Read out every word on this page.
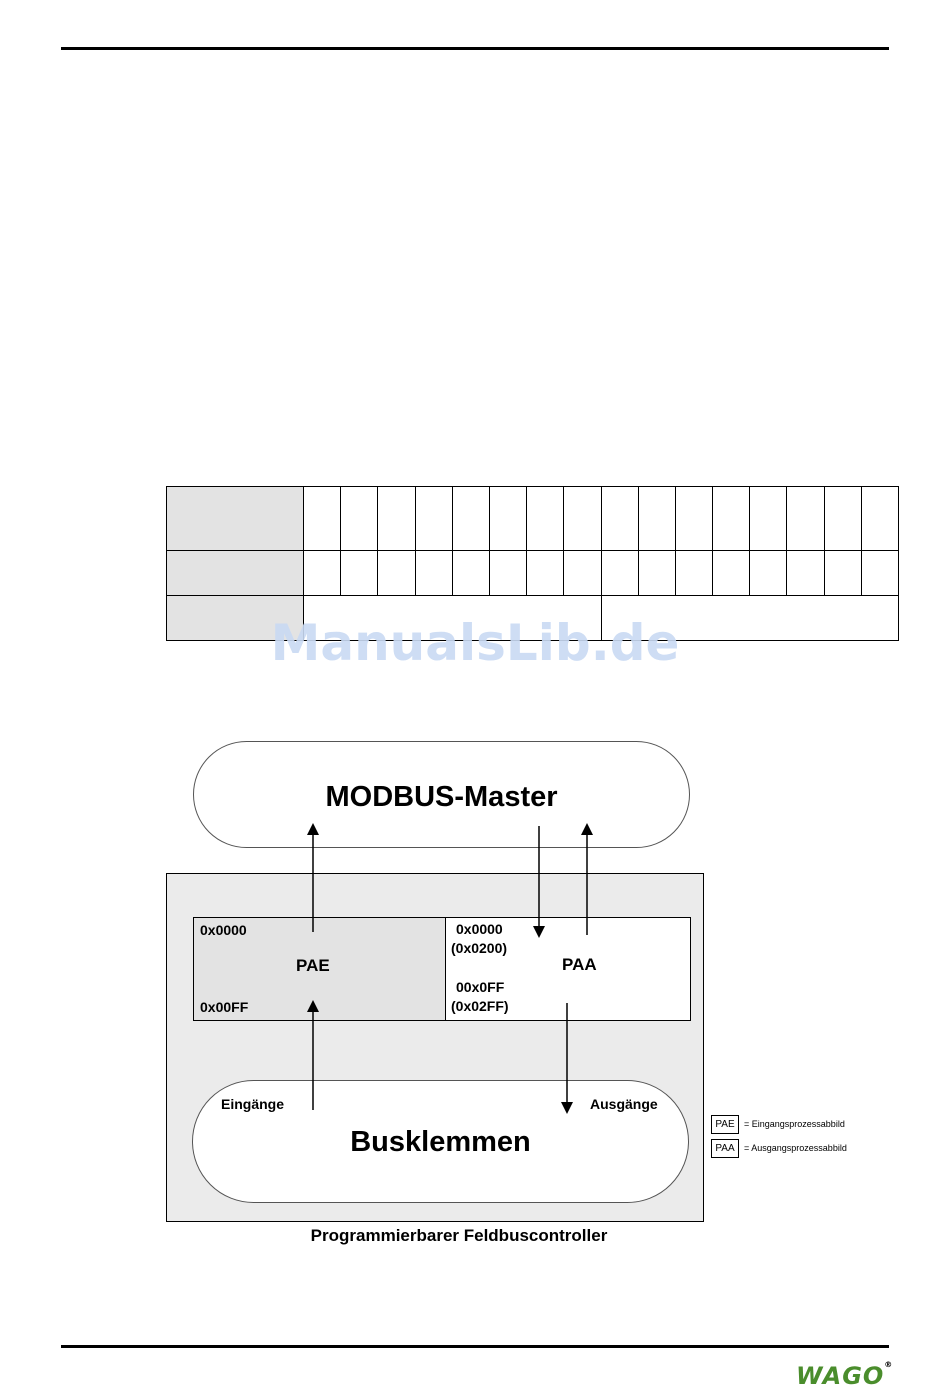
ManualsLib.de
MODBUS-Master
0x0000
PAE
0x00FF
0x0000
(0x0200)
PAA
00x0FF
(0x02FF)
Eingänge	Ausgänge
Busklemmen
Programmierbarer Feldbuscontroller
PAE	= Eingangsprozessabbild
PAA	= Ausgangsprozessabbild
WAGO®
